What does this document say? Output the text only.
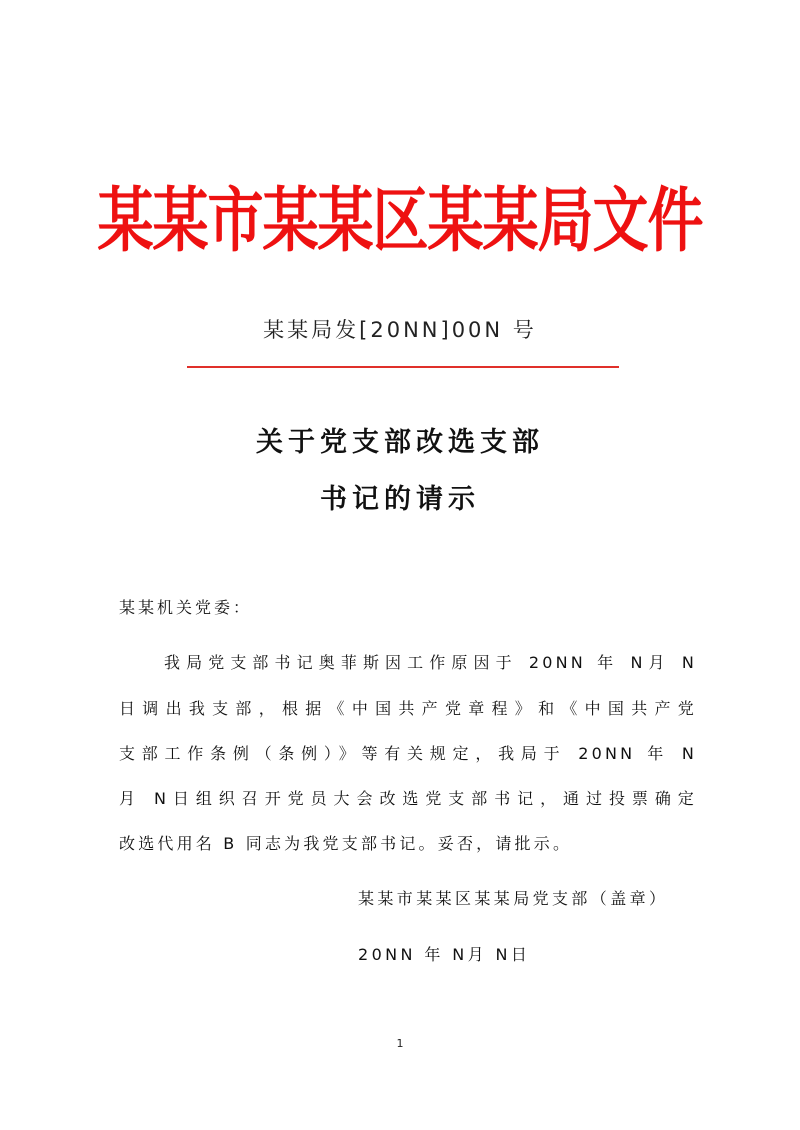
某某市某某区某某局文件
某某局发[20NN]00N 号
关于党支部改选支部
书记的请示
某某机关党委：
我局党支部书记奥菲斯因工作原因于 20NN 年 N月 N
日调出我支部，根据《中国共产党章程》和《中国共产党
支部工作条例（条例）》等有关规定，我局于 20NN 年 N
月 N日组织召开党员大会改选党支部书记，通过投票确定
改选代用名 B 同志为我党支部书记。妥否，请批示。
某某市某某区某某局党支部（盖章）
20NN 年 N月 N日
1
